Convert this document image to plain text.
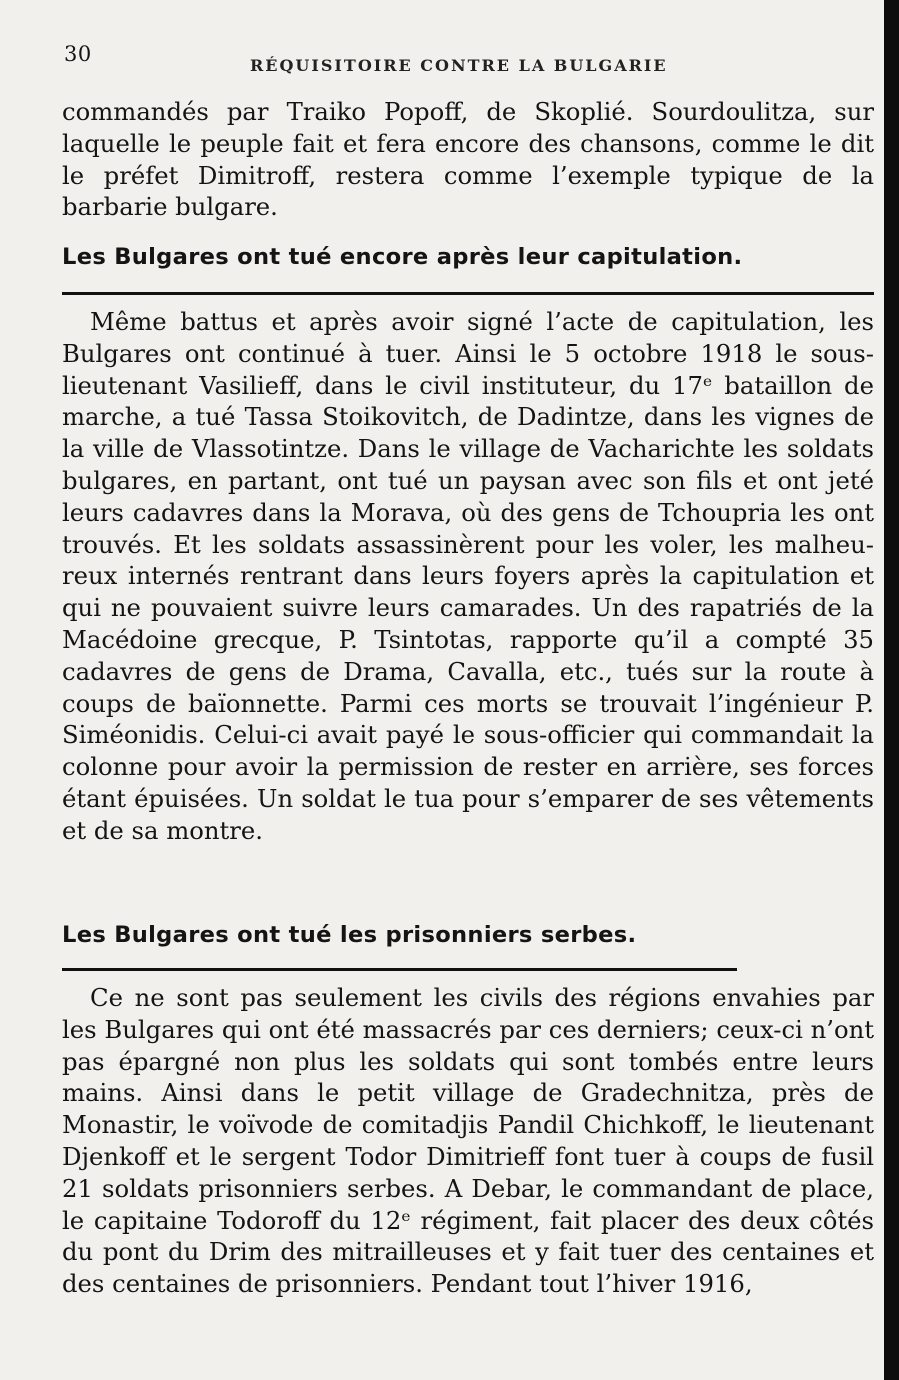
30	RÉQUISITOIRE CONTRE LA BULGARIE

commandés par Traiko Popoff, de Skoplié. Sourdoulitza, sur laquelle le peuple fait et fera encore des chansons, comme le dit le préfet Dimitroff, restera comme l’exemple typique de la barbarie bulgare.

Les Bulgares ont tué encore après leur capitulation.

Même battus et après avoir signé l’acte de capitulation, les Bulgares ont continué à tuer. Ainsi le 5 octobre 1918 le sous-lieutenant Vasilieff, dans le civil instituteur, du 17ᵉ bataillon de marche, a tué Tassa Stoikovitch, de Dadintze, dans les vignes de la ville de Vlassotintze. Dans le village de Vacharichte les soldats bulgares, en partant, ont tué un paysan avec son fils et ont jeté leurs cadavres dans la Morava, où des gens de Tchoupria les ont trouvés. Et les soldats assassinèrent pour les voler, les malheureux internés rentrant dans leurs foyers après la capitulation et qui ne pouvaient suivre leurs camarades. Un des rapatriés de la Macédoine grecque, P. Tsintotas, rapporte qu’il a compté 35 cadavres de gens de Drama, Cavalla, etc., tués sur la route à coups de baïonnette. Parmi ces morts se trouvait l’ingénieur P. Siméonidis. Celui-ci avait payé le sous-officier qui commandait la colonne pour avoir la permission de rester en arrière, ses forces étant épuisées. Un soldat le tua pour s’emparer de ses vêtements et de sa montre.

Les Bulgares ont tué les prisonniers serbes.

Ce ne sont pas seulement les civils des régions envahies par les Bulgares qui ont été massacrés par ces derniers; ceux-ci n’ont pas épargné non plus les soldats qui sont tombés entre leurs mains. Ainsi dans le petit village de Gradechnitza, près de Monastir, le voïvode de comitadjis Pandil Chichkoff, le lieutenant Djenkoff et le sergent Todor Dimitrieff font tuer à coups de fusil 21 soldats prisonniers serbes. A Debar, le commandant de place, le capitaine Todoroff du 12ᵉ régiment, fait placer des deux côtés du pont du Drim des mitrailleuses et y fait tuer des centaines et des centaines de prisonniers. Pendant tout l’hiver 1916,
